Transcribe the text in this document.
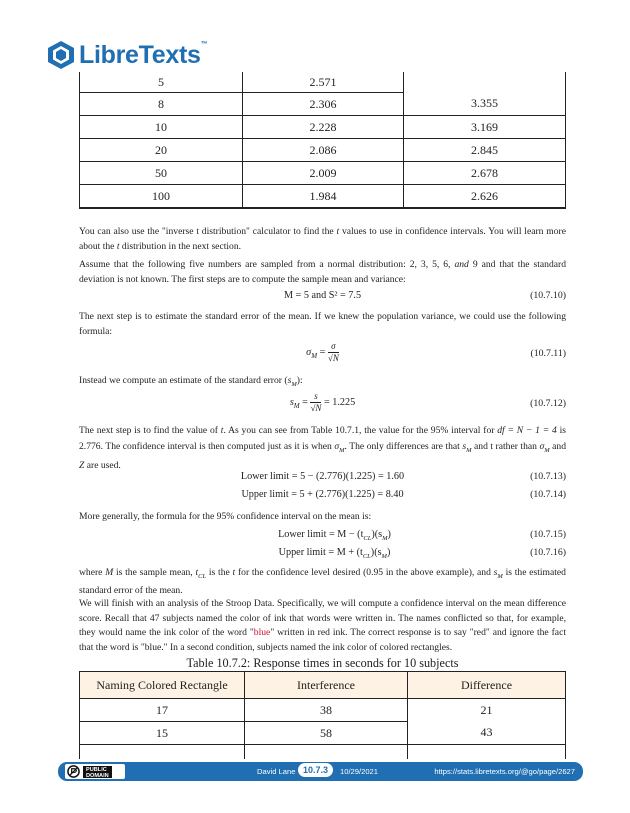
LibreTexts™
5	2.571	
8	2.306	3.355
10	2.228	3.169
20	2.086	2.845
50	2.009	2.678
100	1.984	2.626

You can also use the "inverse t distribution" calculator to find the t values to use in confidence intervals. You will learn more about the t distribution in the next section.

Assume that the following five numbers are sampled from a normal distribution: 2, 3, 5, 6, and 9 and that the standard deviation is not known. The first steps are to compute the sample mean and variance:

M = 5 and S² = 7.5	(10.7.10)

The next step is to estimate the standard error of the mean. If we knew the population variance, we could use the following formula:

$\sigma_M = \frac{\sigma}{√N}$	(10.7.11)

Instead we compute an estimate of the standard error $(s_M)$:

$s_M = \frac{s}{√N} = 1.225$	(10.7.12)

The next step is to find the value of t. As you can see from Table 10.7.1, the value for the 95% interval for df = N − 1 = 4 is 2.776. The confidence interval is then computed just as it is when $\sigma_M$. The only differences are that $s_M$ and t rather than $\sigma_M$ and Z are used.

Lower limit = 5 − (2.776)(1.225) = 1.60	(10.7.13)
Upper limit = 5 + (2.776)(1.225) = 8.40	(10.7.14)

More generally, the formula for the 95% confidence interval on the mean is:

Lower limit = $M - (t_{CL})(s_M)$	(10.7.15)
Upper limit = $M + (t_{CL})(s_M)$	(10.7.16)

where M is the sample mean, $t_{CL}$ is the t for the confidence level desired (0.95 in the above example), and $s_M$ is the estimated standard error of the mean.

We will finish with an analysis of the Stroop Data. Specifically, we will compute a confidence interval on the mean difference score. Recall that 47 subjects named the color of ink that words were written in. The names conflicted so that, for example, they would name the ink color of the word "blue" written in red ink. The correct response is to say "red" and ignore the fact that the word is "blue." In a second condition, subjects named the ink color of colored rectangles.

Table 10.7.2: Response times in seconds for 10 subjects
Naming Colored Rectangle	Interference	Difference
17	38	21
15	58	43

PUBLIC
DOMAIN	David Lane 10.7.3	10/29/2021	https://stats.libretexts.org/@go/page/2627
